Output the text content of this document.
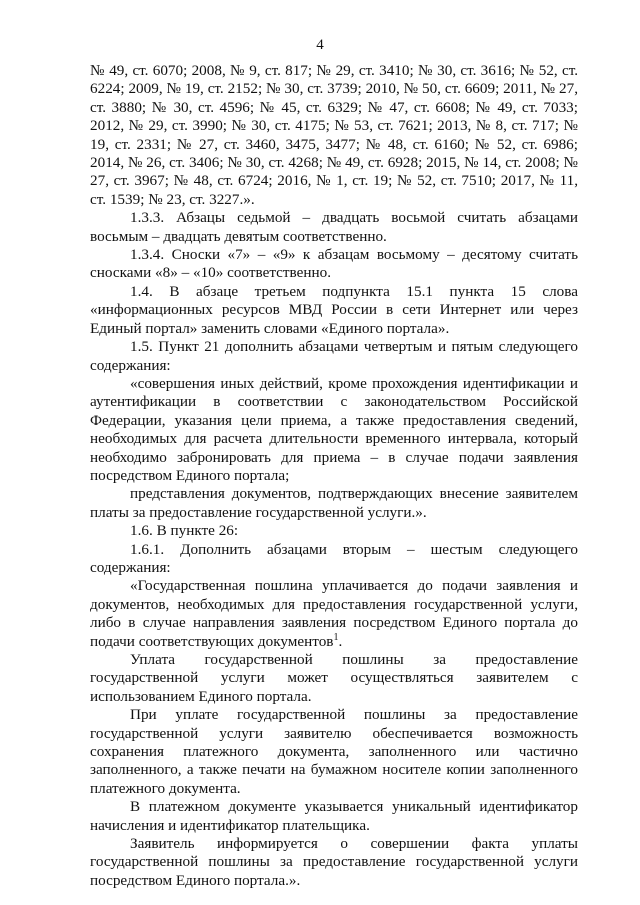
4

№ 49, ст. 6070; 2008, № 9, ст. 817; № 29, ст. 3410; № 30, ст. 3616; № 52, ст. 6224; 2009, № 19, ст. 2152; № 30, ст. 3739; 2010, № 50, ст. 6609; 2011, № 27, ст. 3880; № 30, ст. 4596; № 45, ст. 6329; № 47, ст. 6608; № 49, ст. 7033; 2012, № 29, ст. 3990; № 30, ст. 4175; № 53, ст. 7621; 2013, № 8, ст. 717; № 19, ст. 2331; № 27, ст. 3460, 3475, 3477; № 48, ст. 6160; № 52, ст. 6986; 2014, № 26, ст. 3406; № 30, ст. 4268; № 49, ст. 6928; 2015, № 14, ст. 2008; № 27, ст. 3967; № 48, ст. 6724; 2016, № 1, ст. 19; № 52, ст. 7510; 2017, № 11, ст. 1539; № 23, ст. 3227.».

1.3.3. Абзацы седьмой – двадцать восьмой считать абзацами восьмым – двадцать девятым соответственно.

1.3.4. Сноски «7» – «9» к абзацам восьмому – десятому считать сносками «8» – «10» соответственно.

1.4. В абзаце третьем подпункта 15.1 пункта 15 слова «информационных ресурсов МВД России в сети Интернет или через Единый портал» заменить словами «Единого портала».

1.5. Пункт 21 дополнить абзацами четвертым и пятым следующего содержания:

«совершения иных действий, кроме прохождения идентификации и аутентификации в соответствии с законодательством Российской Федерации, указания цели приема, а также предоставления сведений, необходимых для расчета длительности временного интервала, который необходимо забронировать для приема – в случае подачи заявления посредством Единого портала;

представления документов, подтверждающих внесение заявителем платы за предоставление государственной услуги.».

1.6. В пункте 26:

1.6.1. Дополнить абзацами вторым – шестым следующего содержания:

«Государственная пошлина уплачивается до подачи заявления и документов, необходимых для предоставления государственной услуги, либо в случае направления заявления посредством Единого портала до подачи соответствующих документов$^1$.

Уплата государственной пошлины за предоставление государственной услуги может осуществляться заявителем с использованием Единого портала.

При уплате государственной пошлины за предоставление государственной услуги заявителю обеспечивается возможность сохранения платежного документа, заполненного или частично заполненного, а также печати на бумажном носителе копии заполненного платежного документа.

В платежном документе указывается уникальный идентификатор начисления и идентификатор плательщика.

Заявитель информируется о совершении факта уплаты государственной пошлины за предоставление государственной услуги посредством Единого портала.».
